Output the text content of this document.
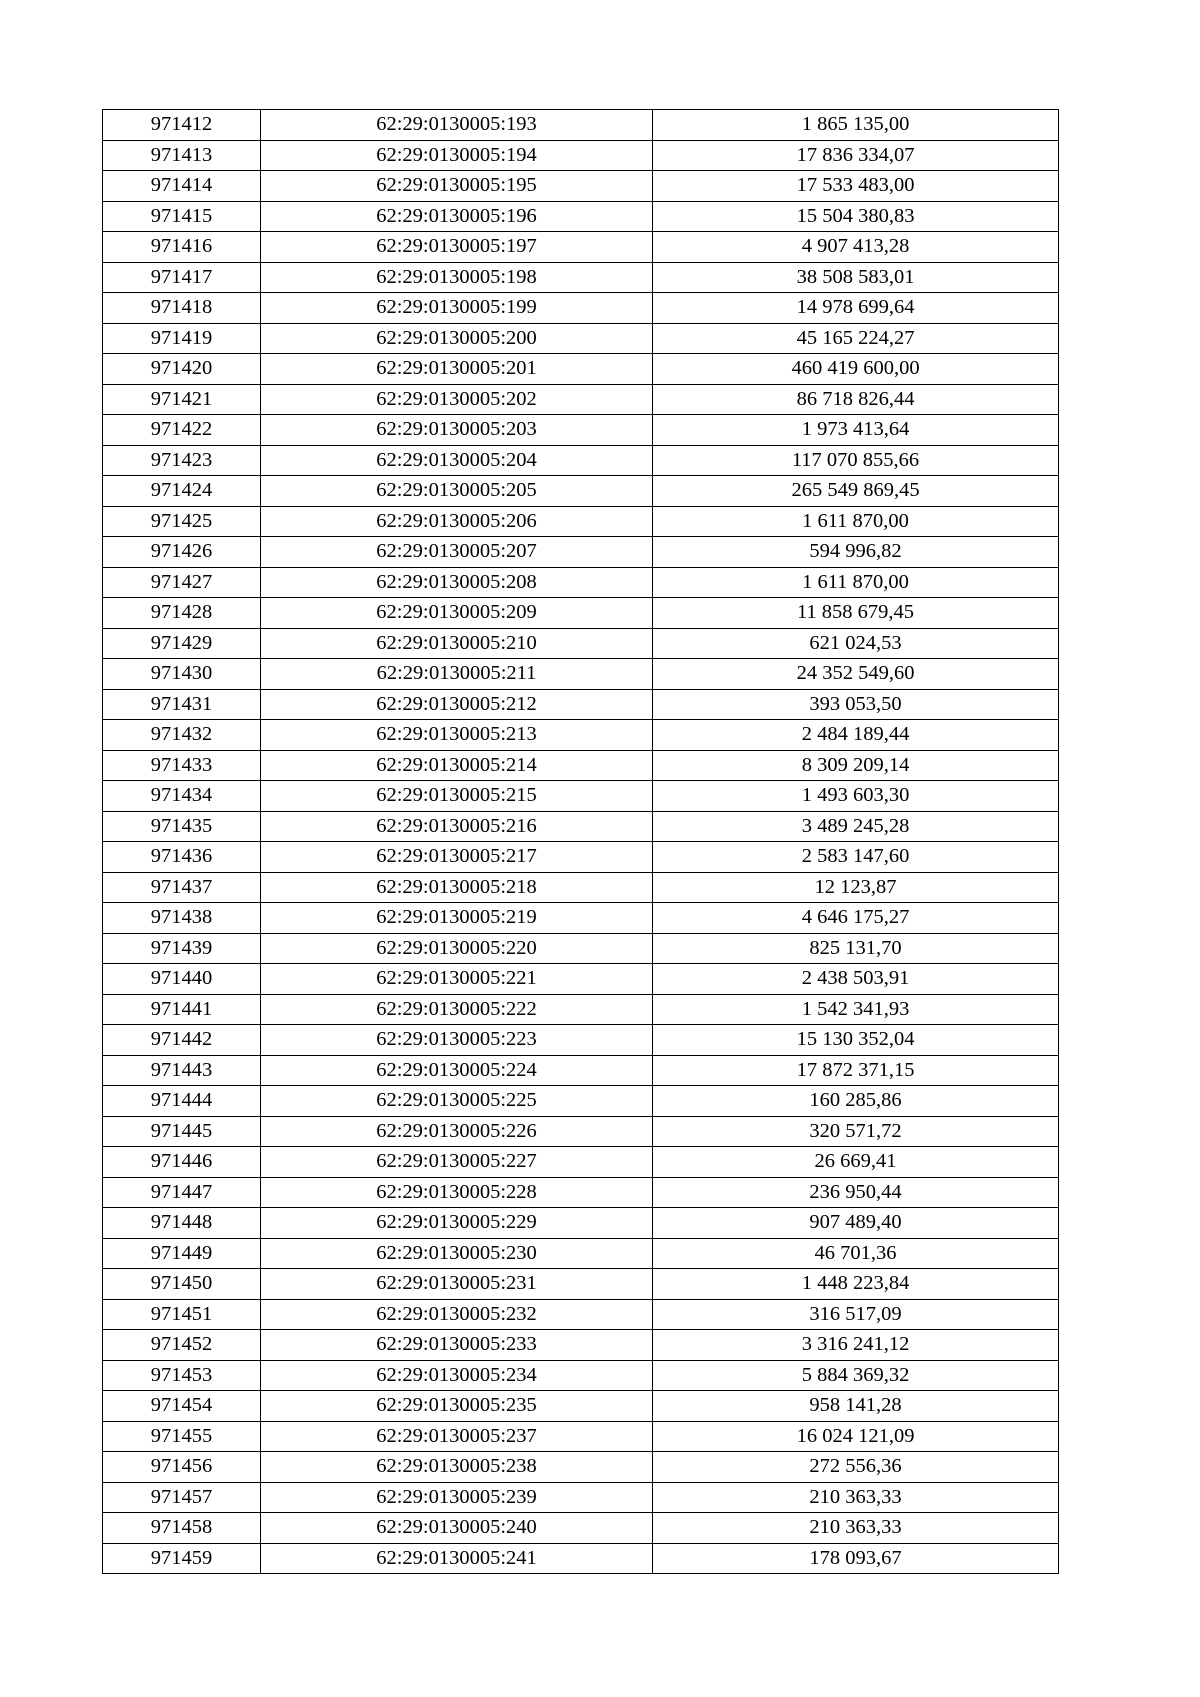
971412	62:29:0130005:193	1 865 135,00
971413	62:29:0130005:194	17 836 334,07
971414	62:29:0130005:195	17 533 483,00
971415	62:29:0130005:196	15 504 380,83
971416	62:29:0130005:197	4 907 413,28
971417	62:29:0130005:198	38 508 583,01
971418	62:29:0130005:199	14 978 699,64
971419	62:29:0130005:200	45 165 224,27
971420	62:29:0130005:201	460 419 600,00
971421	62:29:0130005:202	86 718 826,44
971422	62:29:0130005:203	1 973 413,64
971423	62:29:0130005:204	117 070 855,66
971424	62:29:0130005:205	265 549 869,45
971425	62:29:0130005:206	1 611 870,00
971426	62:29:0130005:207	594 996,82
971427	62:29:0130005:208	1 611 870,00
971428	62:29:0130005:209	11 858 679,45
971429	62:29:0130005:210	621 024,53
971430	62:29:0130005:211	24 352 549,60
971431	62:29:0130005:212	393 053,50
971432	62:29:0130005:213	2 484 189,44
971433	62:29:0130005:214	8 309 209,14
971434	62:29:0130005:215	1 493 603,30
971435	62:29:0130005:216	3 489 245,28
971436	62:29:0130005:217	2 583 147,60
971437	62:29:0130005:218	12 123,87
971438	62:29:0130005:219	4 646 175,27
971439	62:29:0130005:220	825 131,70
971440	62:29:0130005:221	2 438 503,91
971441	62:29:0130005:222	1 542 341,93
971442	62:29:0130005:223	15 130 352,04
971443	62:29:0130005:224	17 872 371,15
971444	62:29:0130005:225	160 285,86
971445	62:29:0130005:226	320 571,72
971446	62:29:0130005:227	26 669,41
971447	62:29:0130005:228	236 950,44
971448	62:29:0130005:229	907 489,40
971449	62:29:0130005:230	46 701,36
971450	62:29:0130005:231	1 448 223,84
971451	62:29:0130005:232	316 517,09
971452	62:29:0130005:233	3 316 241,12
971453	62:29:0130005:234	5 884 369,32
971454	62:29:0130005:235	958 141,28
971455	62:29:0130005:237	16 024 121,09
971456	62:29:0130005:238	272 556,36
971457	62:29:0130005:239	210 363,33
971458	62:29:0130005:240	210 363,33
971459	62:29:0130005:241	178 093,67
